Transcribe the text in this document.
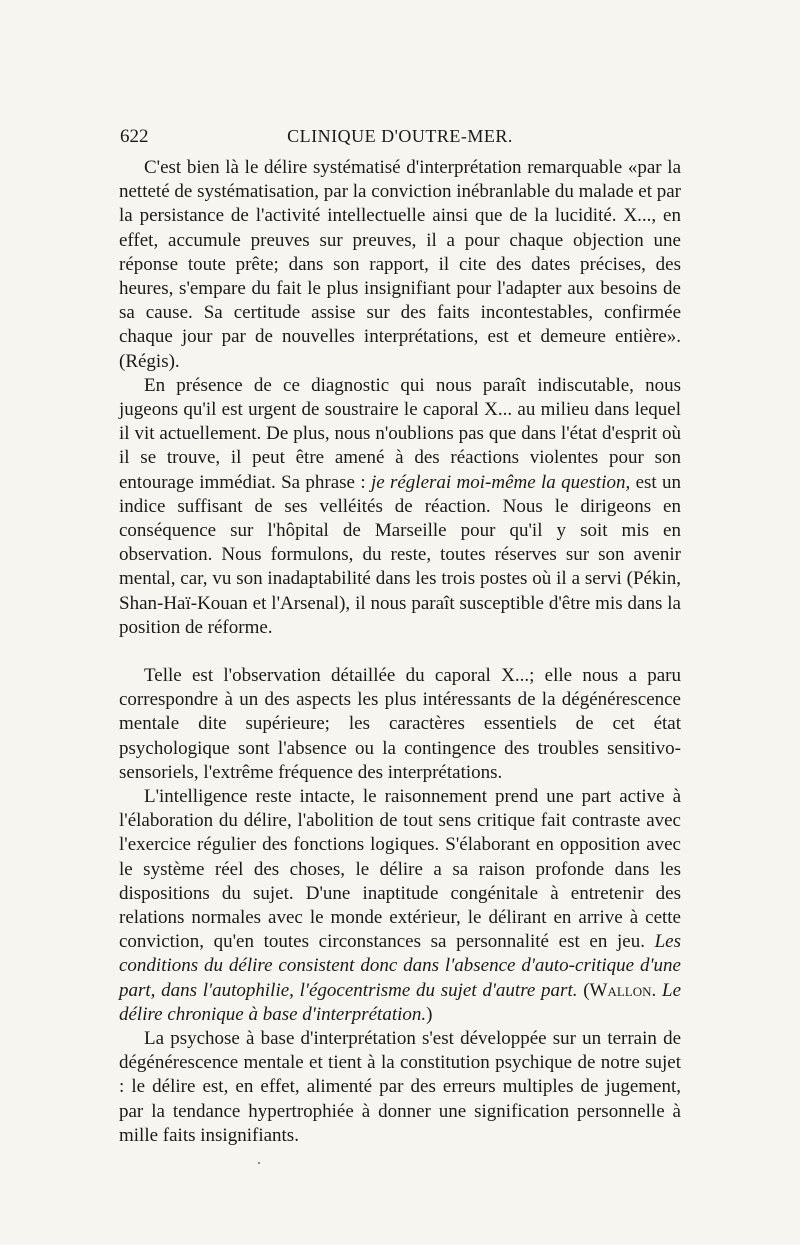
622	CLINIQUE D'OUTRE-MER.

C'est bien là le délire systématisé d'interprétation remarquable «par la netteté de systématisation, par la conviction inébranlable du malade et par la persistance de l'activité intellectuelle ainsi que de la lucidité. X..., en effet, accumule preuves sur preuves, il a pour chaque objection une réponse toute prête; dans son rapport, il cite des dates précises, des heures, s'empare du fait le plus insignifiant pour l'adapter aux besoins de sa cause. Sa certitude assise sur des faits incontestables, confirmée chaque jour par de nouvelles interprétations, est et demeure entière». (Régis).

En présence de ce diagnostic qui nous paraît indiscutable, nous jugeons qu'il est urgent de soustraire le caporal X... au milieu dans lequel il vit actuellement. De plus, nous n'oublions pas que dans l'état d'esprit où il se trouve, il peut être amené à des réactions violentes pour son entourage immédiat. Sa phrase : je réglerai moi-même la question, est un indice suffisant de ses velléités de réaction. Nous le dirigeons en conséquence sur l'hôpital de Marseille pour qu'il y soit mis en observation. Nous formulons, du reste, toutes réserves sur son avenir mental, car, vu son inadaptabilité dans les trois postes où il a servi (Pékin, Shan-Haï-Kouan et l'Arsenal), il nous paraît susceptible d'être mis dans la position de réforme.

Telle est l'observation détaillée du caporal X...; elle nous a paru correspondre à un des aspects les plus intéressants de la dégénérescence mentale dite supérieure; les caractères essentiels de cet état psychologique sont l'absence ou la contingence des troubles sensitivo-sensoriels, l'extrême fréquence des interprétations.

L'intelligence reste intacte, le raisonnement prend une part active à l'élaboration du délire, l'abolition de tout sens critique fait contraste avec l'exercice régulier des fonctions logiques. S'élaborant en opposition avec le système réel des choses, le délire a sa raison profonde dans les dispositions du sujet. D'une inaptitude congénitale à entretenir des relations normales avec le monde extérieur, le délirant en arrive à cette conviction, qu'en toutes circonstances sa personnalité est en jeu. Les conditions du délire consistent donc dans l'absence d'auto-critique d'une part, dans l'autophilie, l'égocentrisme du sujet d'autre part. (Wallon. Le délire chronique à base d'interprétation.)

La psychose à base d'interprétation s'est développée sur un terrain de dégénérescence mentale et tient à la constitution psychique de notre sujet : le délire est, en effet, alimenté par des erreurs multiples de jugement, par la tendance hypertrophiée à donner une signification personnelle à mille faits insignifiants.
